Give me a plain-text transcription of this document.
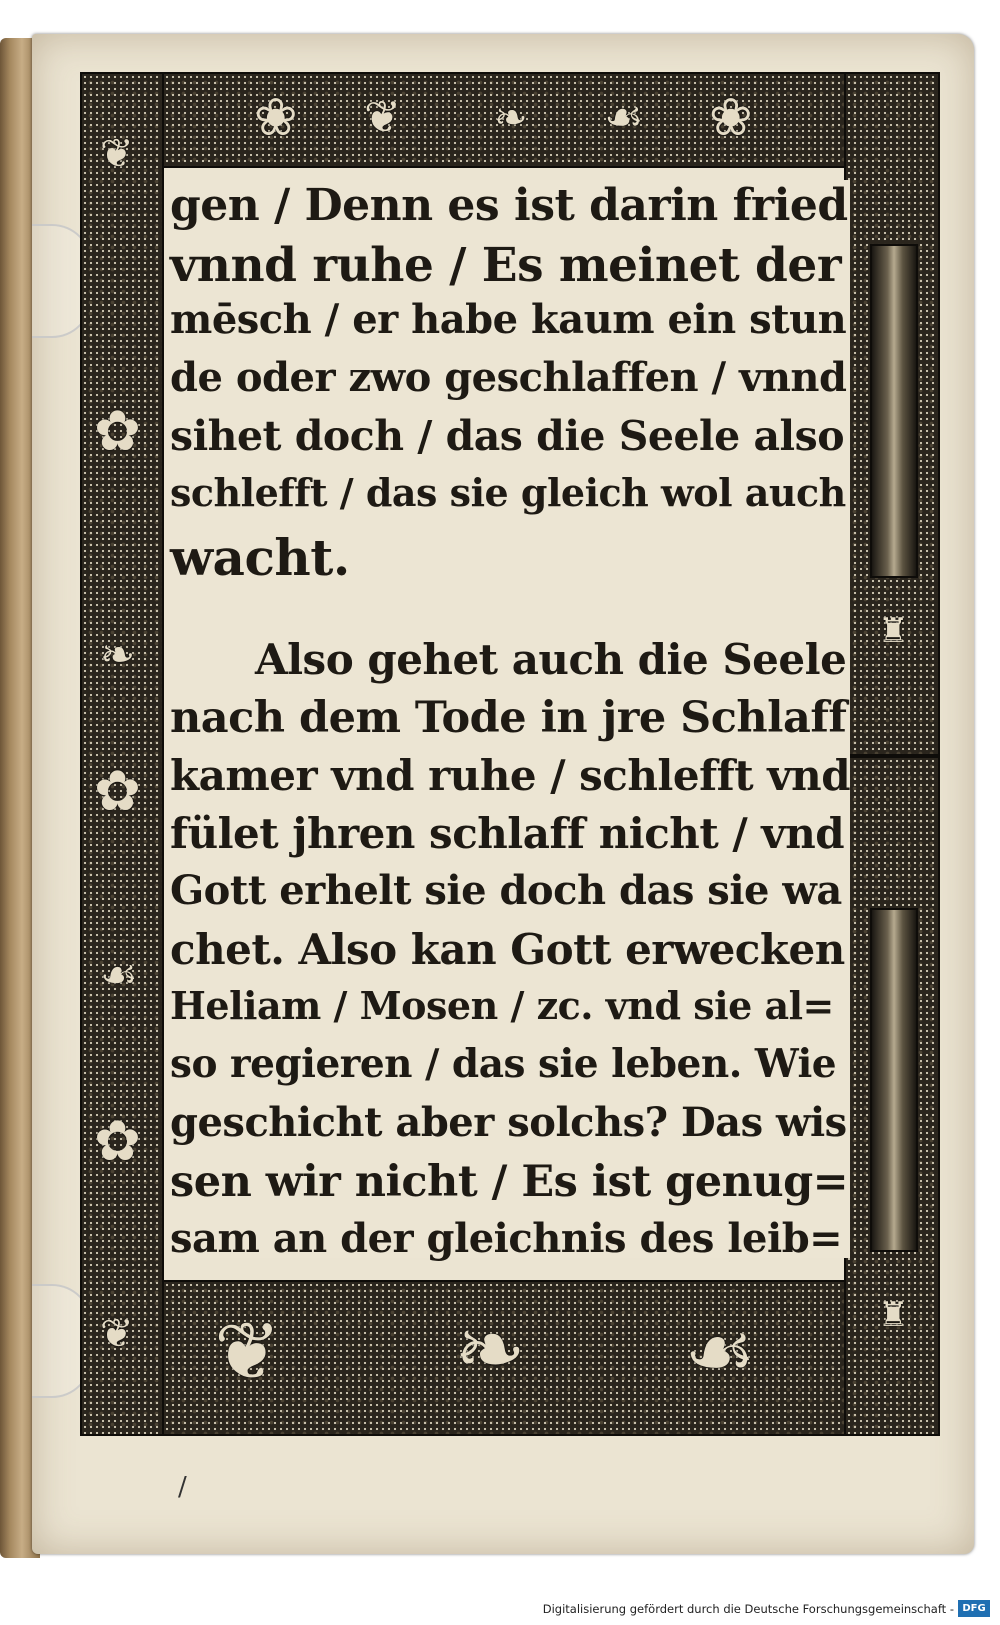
❀ ❦ ❧ ☙ ❀
❦
✿
❧
✿
☙
✿
❦
♜
♜
❦ ❧ ☙
/
gen / Denn es ist darin fried
vnnd ruhe / Es meinet der
mēsch / er habe kaum ein stun
de oder zwo geschlaffen / vnnd
sihet doch / das die Seele also
schlefft / das sie gleich wol auch
wacht.
Also gehet auch die Seele
nach dem Tode in jre Schlaff
kamer vnd ruhe / schlefft vnd
fület jhren schlaff nicht / vnd
Gott erhelt sie doch das sie wa
chet. Also kan Gott erwecken
Heliam / Mosen / zc. vnd sie al=
so regieren / das sie leben. Wie
geschicht aber solchs? Das wis
sen wir nicht / Es ist genug=
sam an der gleichnis des leib=
Digitalisierung gefördert durch die Deutsche Forschungsgemeinschaft - DFG
